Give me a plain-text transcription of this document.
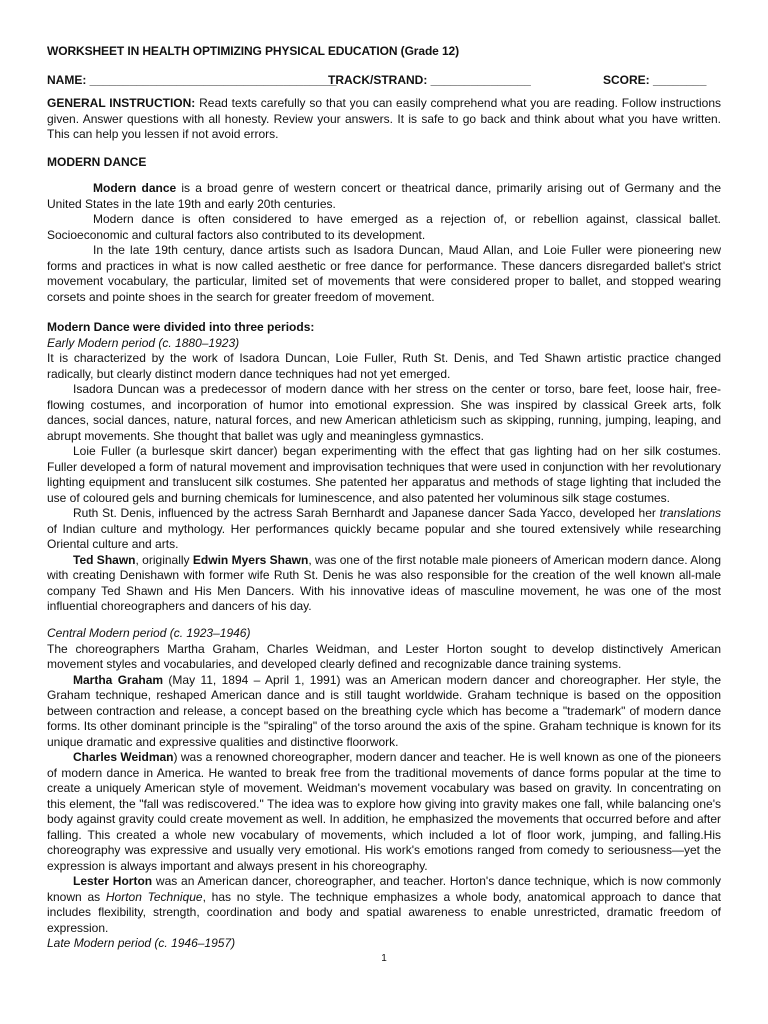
WORKSHEET IN HEALTH OPTIMIZING PHYSICAL EDUCATION (Grade 12)
NAME: _____________________________________
TRACK/STRAND: _______________	SCORE: ________
GENERAL INSTRUCTION: Read texts carefully so that you can easily comprehend what you are reading. Follow instructions given. Answer questions with all honesty. Review your answers. It is safe to go back and think about what you have written. This can help you lessen if not avoid errors.
MODERN DANCE

Modern dance is a broad genre of western concert or theatrical dance, primarily arising out of Germany and the United States in the late 19th and early 20th centuries.

Modern dance is often considered to have emerged as a rejection of, or rebellion against, classical ballet. Socioeconomic and cultural factors also contributed to its development.

In the late 19th century, dance artists such as Isadora Duncan, Maud Allan, and Loie Fuller were pioneering new forms and practices in what is now called aesthetic or free dance for performance. These dancers disregarded ballet's strict movement vocabulary, the particular, limited set of movements that were considered proper to ballet, and stopped wearing corsets and pointe shoes in the search for greater freedom of movement.

Modern Dance were divided into three periods:

Early Modern period (c. 1880–1923)

It is characterized by the work of Isadora Duncan, Loie Fuller, Ruth St. Denis, and Ted Shawn artistic practice changed radically, but clearly distinct modern dance techniques had not yet emerged.

Isadora Duncan was a predecessor of modern dance with her stress on the center or torso, bare feet, loose hair, free-flowing costumes, and incorporation of humor into emotional expression. She was inspired by classical Greek arts, folk dances, social dances, nature, natural forces, and new American athleticism such as skipping, running, jumping, leaping, and abrupt movements. She thought that ballet was ugly and meaningless gymnastics.

Loie Fuller (a burlesque skirt dancer) began experimenting with the effect that gas lighting had on her silk costumes. Fuller developed a form of natural movement and improvisation techniques that were used in conjunction with her revolutionary lighting equipment and translucent silk costumes. She patented her apparatus and methods of stage lighting that included the use of coloured gels and burning chemicals for luminescence, and also patented her voluminous silk stage costumes.

Ruth St. Denis, influenced by the actress Sarah Bernhardt and Japanese dancer Sada Yacco, developed her translations of Indian culture and mythology. Her performances quickly became popular and she toured extensively while researching Oriental culture and arts.

Ted Shawn, originally Edwin Myers Shawn, was one of the first notable male pioneers of American modern dance. Along with creating Denishawn with former wife Ruth St. Denis he was also responsible for the creation of the well known all-male company Ted Shawn and His Men Dancers. With his innovative ideas of masculine movement, he was one of the most influential choreographers and dancers of his day.

Central Modern period (c. 1923–1946)

The choreographers Martha Graham, Charles Weidman, and Lester Horton sought to develop distinctively American movement styles and vocabularies, and developed clearly defined and recognizable dance training systems.

Martha Graham (May 11, 1894 – April 1, 1991) was an American modern dancer and choreographer. Her style, the Graham technique, reshaped American dance and is still taught worldwide. Graham technique is based on the opposition between contraction and release, a concept based on the breathing cycle which has become a "trademark" of modern dance forms. Its other dominant principle is the "spiraling" of the torso around the axis of the spine. Graham technique is known for its unique dramatic and expressive qualities and distinctive floorwork.

Charles Weidman) was a renowned choreographer, modern dancer and teacher. He is well known as one of the pioneers of modern dance in America. He wanted to break free from the traditional movements of dance forms popular at the time to create a uniquely American style of movement. Weidman's movement vocabulary was based on gravity. In concentrating on this element, the "fall was rediscovered." The idea was to explore how giving into gravity makes one fall, while balancing one's body against gravity could create movement as well. In addition, he emphasized the movements that occurred before and after falling. This created a whole new vocabulary of movements, which included a lot of floor work, jumping, and falling.His choreography was expressive and usually very emotional. His work's emotions ranged from comedy to seriousness—yet the expression is always important and always present in his choreography.

Lester Horton was an American dancer, choreographer, and teacher. Horton's dance technique, which is now commonly known as Horton Technique, has no style. The technique emphasizes a whole body, anatomical approach to dance that includes flexibility, strength, coordination and body and spatial awareness to enable unrestricted, dramatic freedom of expression.

Late Modern period (c. 1946–1957)

1
